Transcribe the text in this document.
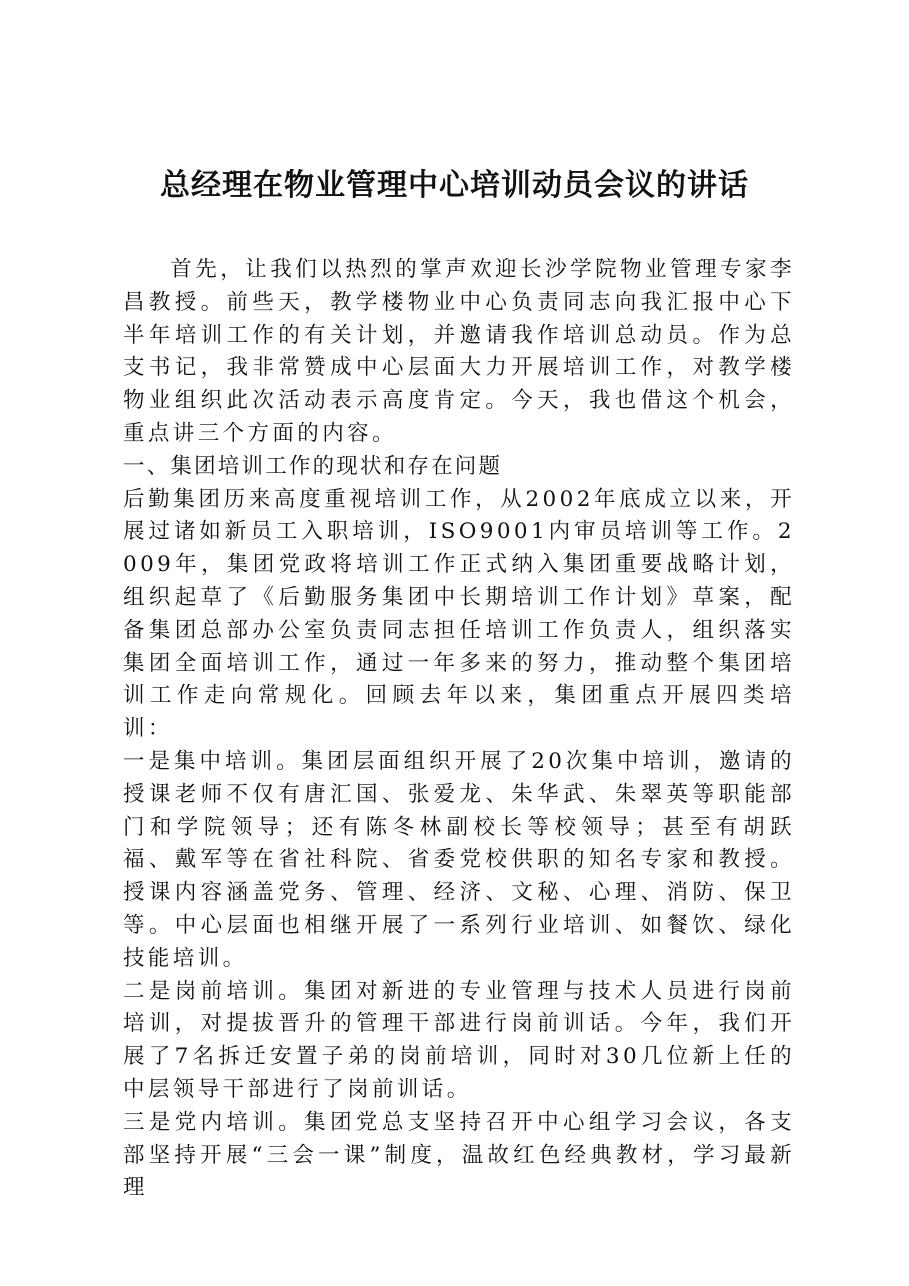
总经理在物业管理中心培训动员会议的讲话

首先，让我们以热烈的掌声欢迎长沙学院物业管理专家李昌教授。前些天，教学楼物业中心负责同志向我汇报中心下半年培训工作的有关计划，并邀请我作培训总动员。作为总支书记，我非常赞成中心层面大力开展培训工作，对教学楼物业组织此次活动表示高度肯定。今天，我也借这个机会，重点讲三个方面的内容。

一、集团培训工作的现状和存在问题

后勤集团历来高度重视培训工作，从2002年底成立以来，开展过诸如新员工入职培训，ISO9001内审员培训等工作。2009年，集团党政将培训工作正式纳入集团重要战略计划，组织起草了《后勤服务集团中长期培训工作计划》草案，配备集团总部办公室负责同志担任培训工作负责人，组织落实集团全面培训工作，通过一年多来的努力，推动整个集团培训工作走向常规化。回顾去年以来，集团重点开展四类培训：

一是集中培训。集团层面组织开展了20次集中培训，邀请的授课老师不仅有唐汇国、张爱龙、朱华武、朱翠英等职能部门和学院领导；还有陈冬林副校长等校领导；甚至有胡跃福、戴军等在省社科院、省委党校供职的知名专家和教授。授课内容涵盖党务、管理、经济、文秘、心理、消防、保卫等。中心层面也相继开展了一系列行业培训、如餐饮、绿化技能培训。

二是岗前培训。集团对新进的专业管理与技术人员进行岗前培训，对提拔晋升的管理干部进行岗前训话。今年，我们开展了7名拆迁安置子弟的岗前培训，同时对30几位新上任的中层领导干部进行了岗前训话。

三是党内培训。集团党总支坚持召开中心组学习会议，各支部坚持开展“三会一课”制度，温故红色经典教材，学习最新理
